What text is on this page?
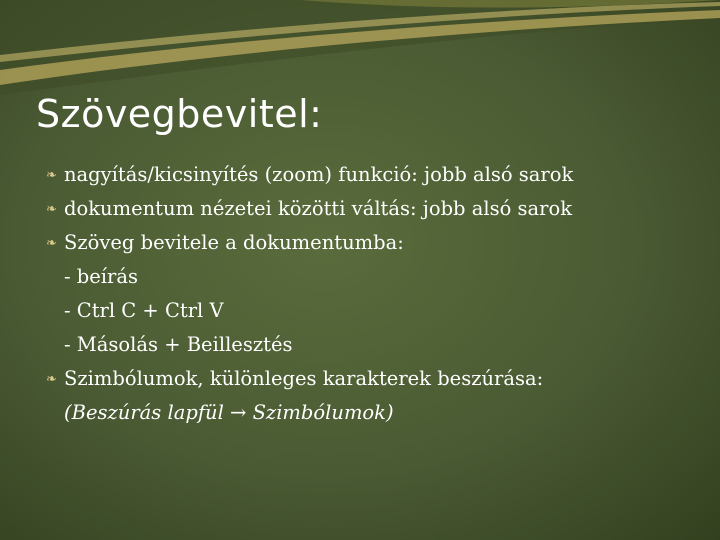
Szövegbevitel:
❧ nagyítás/kicsinyítés (zoom) funkció: jobb alsó sarok
❧ dokumentum nézetei közötti váltás: jobb alsó sarok
❧ Szöveg bevitele a dokumentumba:
- beírás
- Ctrl C + Ctrl V
- Másolás + Beillesztés
❧ Szimbólumok, különleges karakterek beszúrása:
(Beszúrás lapfül → Szimbólumok)
